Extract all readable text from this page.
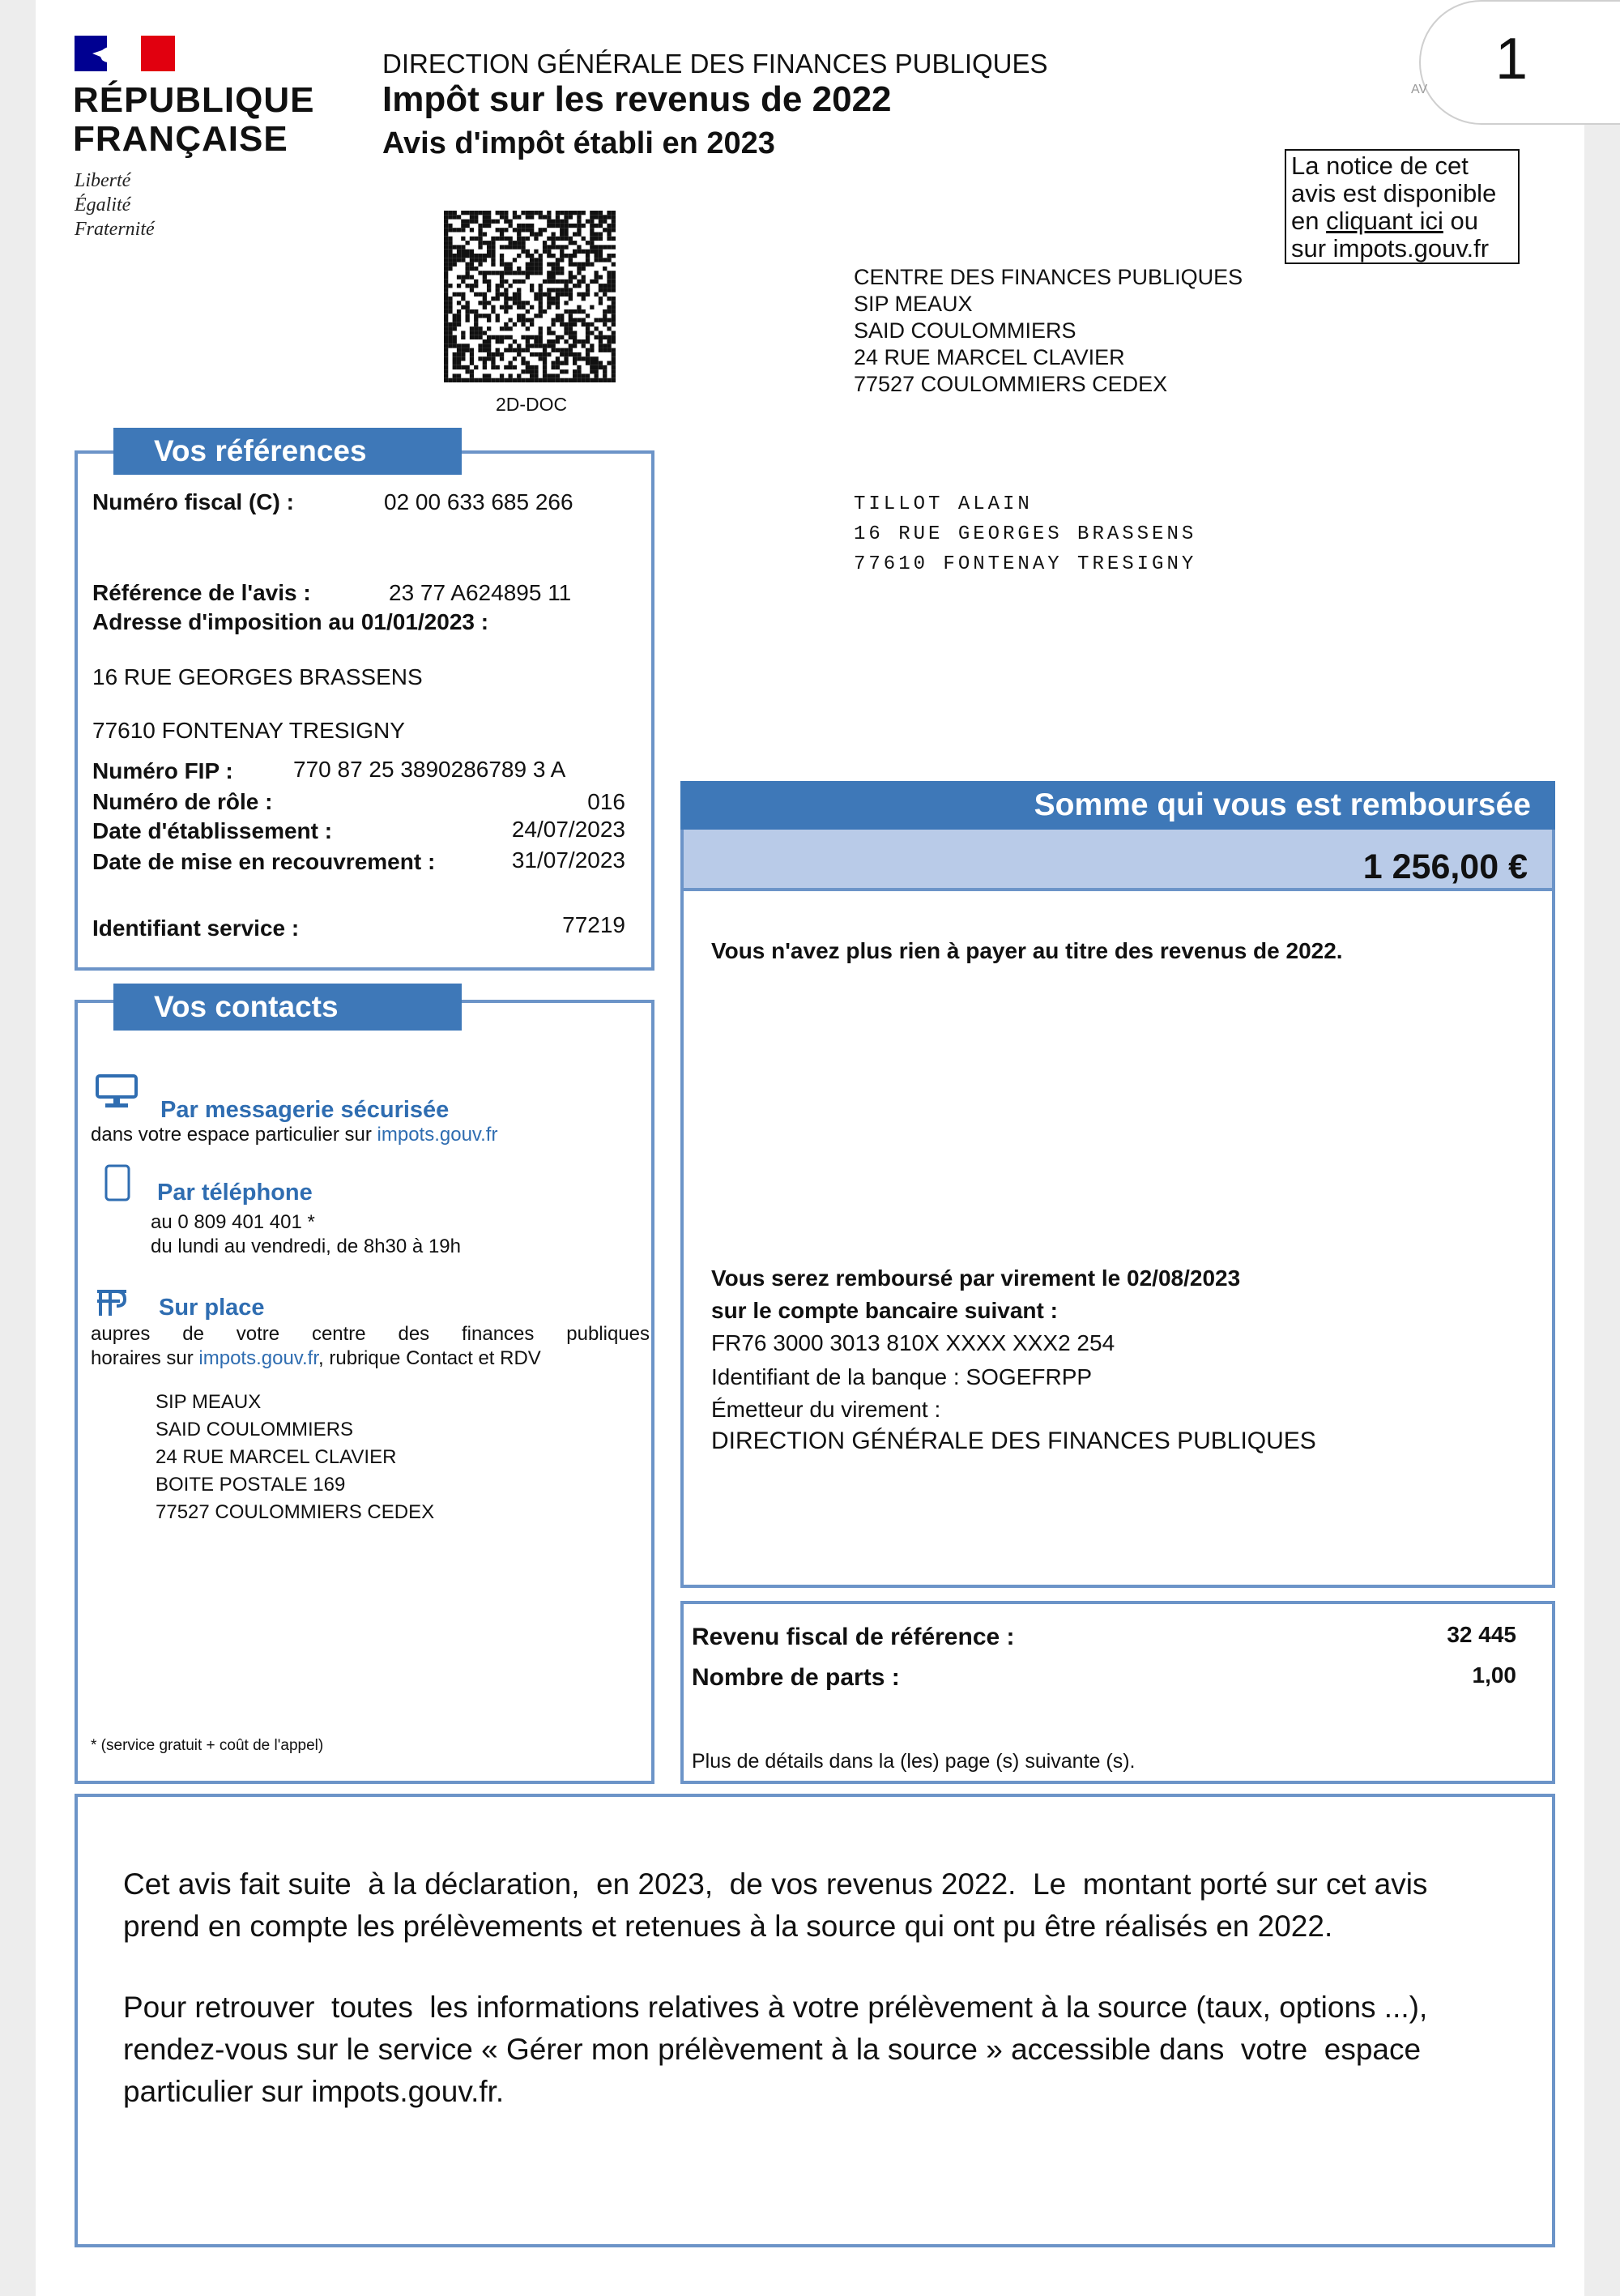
RÉPUBLIQUE
FRANÇAISE
Liberté
Égalité
Fraternité
DIRECTION GÉNÉRALE DES FINANCES PUBLIQUES
Impôt sur les revenus de 2022
Avis d'impôt établi en 2023
1
AV
La notice de cet
avis est disponible
en cliquant ici ou
sur impots.gouv.fr
2D-DOC
CENTRE DES FINANCES PUBLIQUES
SIP MEAUX
SAID COULOMMIERS
24 RUE MARCEL CLAVIER
77527 COULOMMIERS CEDEX
TILLOT ALAIN
16 RUE GEORGES BRASSENS
77610 FONTENAY TRESIGNY
Vos références
Numéro fiscal (C) :	02 00 633 685 266
Référence de l'avis :	23 77 A624895 11
Adresse d'imposition au 01/01/2023 :
16 RUE GEORGES BRASSENS
77610 FONTENAY TRESIGNY
Numéro FIP :	770 87 25 3890286789 3 A
Numéro de rôle :	016
Date d'établissement :	24/07/2023
Date de mise en recouvrement :	31/07/2023
Identifiant service :	77219
Vos contacts
Par messagerie sécurisée
dans votre espace particulier sur impots.gouv.fr
Par téléphone
au 0 809 401 401 *
du lundi au vendredi, de 8h30 à 19h
Sur place
aupres de votre centre des finances publiques
horaires sur impots.gouv.fr, rubrique Contact et RDV
SIP MEAUX
SAID COULOMMIERS
24 RUE MARCEL CLAVIER
BOITE POSTALE 169
77527 COULOMMIERS CEDEX
* (service gratuit + coût de l'appel)
Somme qui vous est remboursée
1 256,00 €
Vous n'avez plus rien à payer au titre des revenus de 2022.
Vous serez remboursé par virement le 02/08/2023
sur le compte bancaire suivant :
FR76 3000 3013 810X XXXX XXX2 254
Identifiant de la banque : SOGEFRPP
Émetteur du virement :
DIRECTION GÉNÉRALE DES FINANCES PUBLIQUES
Revenu fiscal de référence :	32 445
Nombre de parts :	1,00
Plus de détails dans la (les) page (s) suivante (s).
Cet avis fait suite  à la déclaration,  en 2023,  de vos revenus 2022.  Le  montant porté sur cet avis
prend en compte les prélèvements et retenues à la source qui ont pu être réalisés en 2022.
Pour retrouver  toutes  les informations relatives à votre prélèvement à la source (taux, options ...),
rendez-vous sur le service « Gérer mon prélèvement à la source » accessible dans  votre  espace
particulier sur impots.gouv.fr.
